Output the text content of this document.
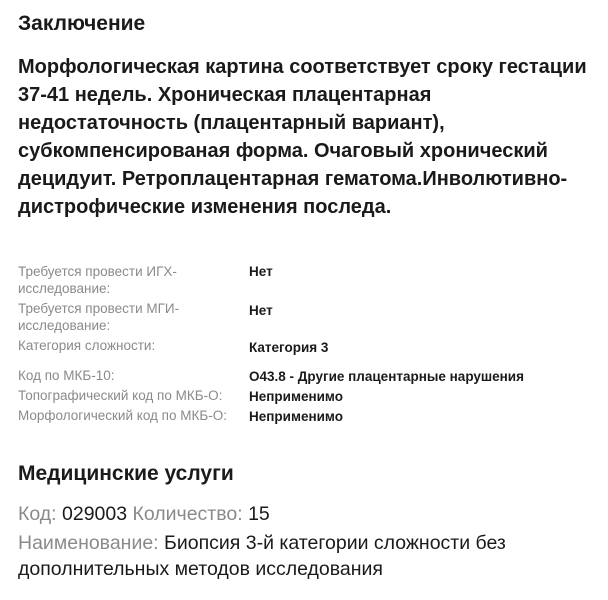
Заключение

Морфологическая картина соответствует сроку гестации 37-41 недель. Хроническая плацентарная недостаточность (плацентарный вариант), субкомпенсированая форма. Очаговый хронический децидуит. Ретроплацентарная гематома.Инволютивно-дистрофические изменения последа.

Требуется провести ИГХ-исследование:
Нет
Требуется провести МГИ-исследование:
Нет
Категория сложности:	Категория 3
Код по МКБ-10:	O43.8 - Другие плацентарные нарушения
Топографический код по МКБ-О:	Неприменимо
Морфологический код по МКБ-О: Неприменимо
Медицинские услуги
Код: 029003 Количество: 15
Наименование: Биопсия 3-й категории сложности без дополнительных методов исследования
